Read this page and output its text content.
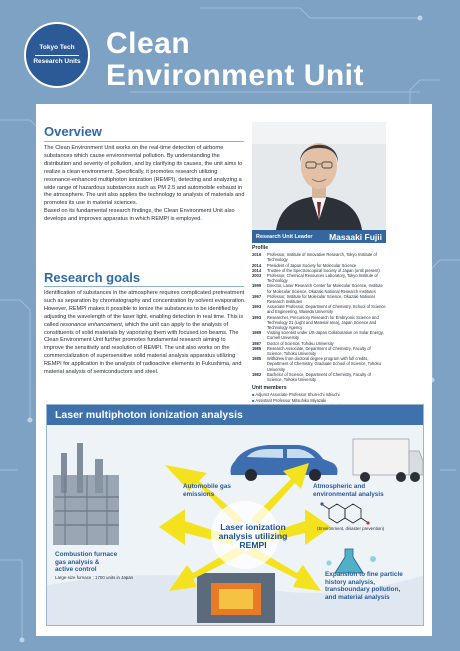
Tokyo Tech
Research Units
Clean
Environment Unit
Overview

The Clean Environment Unit works on the real-time detection of airborne substances which cause environmental pollution. By understanding the distribution and severity of pollution, and by clarifying its causes, the unit aims to realize a clean environment. Specifically, it promotes research utilizing resonance-enhanced multiphoton ionization (REMPI), detecting and analyzing a wide range of hazardous substances such as PM 2.5 and automobile exhaust in the atmosphere. The unit also applies the technology to analysis of materials and promotes its use in material sciences.

Based on its fundamental research findings, the Clean Environment Unit also develops and improves apparatus in which REMPI is employed.

Research goals
Identification of substances in the atmosphere requires complicated pretreatment such as separation by chromatography and concentration by solvent evaporation. However, REMPI makes it possible to ionize the substances to be identified by adjusting the wavelength of the laser light, enabling detection in real time. This is called resonance enhancement, which the unit can apply to the analysis of constituents of solid materials by vaporizing them with focused ion beams. The Clean Environment Unit further promotes fundamental research aiming to improve the sensitivity and resolution of REMPI. The unit also works on the commercialization of supersensitive solid material analysis apparatus utilizing REMPI for application in the analysis of radioactive elements in Fukushima, and material analysis of semiconductors and steel.
Research Unit Leader Masaaki Fujii
Profile
2016	Professor, Institute of Innovative Research, Tokyo Institute of Technology
2014	President of Japan Society for Molecular Science
2014	Trustee of the Spectroscopical Society of Japan (until present)
2003	Professor, Chemical Resources Laboratory, Tokyo Institute of Technology
1999	Director, Laser Research Center for Molecular Science, Institute for Molecular Science, Okazaki National Research Institutes
1997	Professor, Institute for Molecular Science, Okazaki National Research Institutes
1993	Associate Professor, Department of Chemistry, School of Science and Engineering, Waseda University
1993	Researcher, Precursory Research for Embryonic Science and Technology 21 (Light and Material area), Japan Science and Technology Agency
1989	Visiting scientist under US-Japan Collaboration on Solar Energy, Cornell University
1987	Doctor of Science, Tohoku University
1985	Research Associate, Department of Chemistry, Faculty of Science, Tohoku University
1985	Withdrew from doctoral degree program with full credits, Department of Chemistry, Graduate School of Science, Tohoku University
1982	Bachelor of Science, Department of Chemistry, Faculty of Science, Tohoku University
Unit members
■ Adjunct Associate Professor Shun-ichi Ishiuchi
■ Assistant Professor Mitsuhiko Miyazaki
Laser multiphoton ionization analysis
Laser ionization
analysis utilizing
REMPI
Automobile gas
emissions
Atmospheric and
environmental analysis
(Environment, disaster prevention)
Combustion furnace
gas analysis &
active control
Large-size furnace : 1700 units in Japan	Expansion to fine particle
history analysis,
transboundary pollution,
and material analysis
